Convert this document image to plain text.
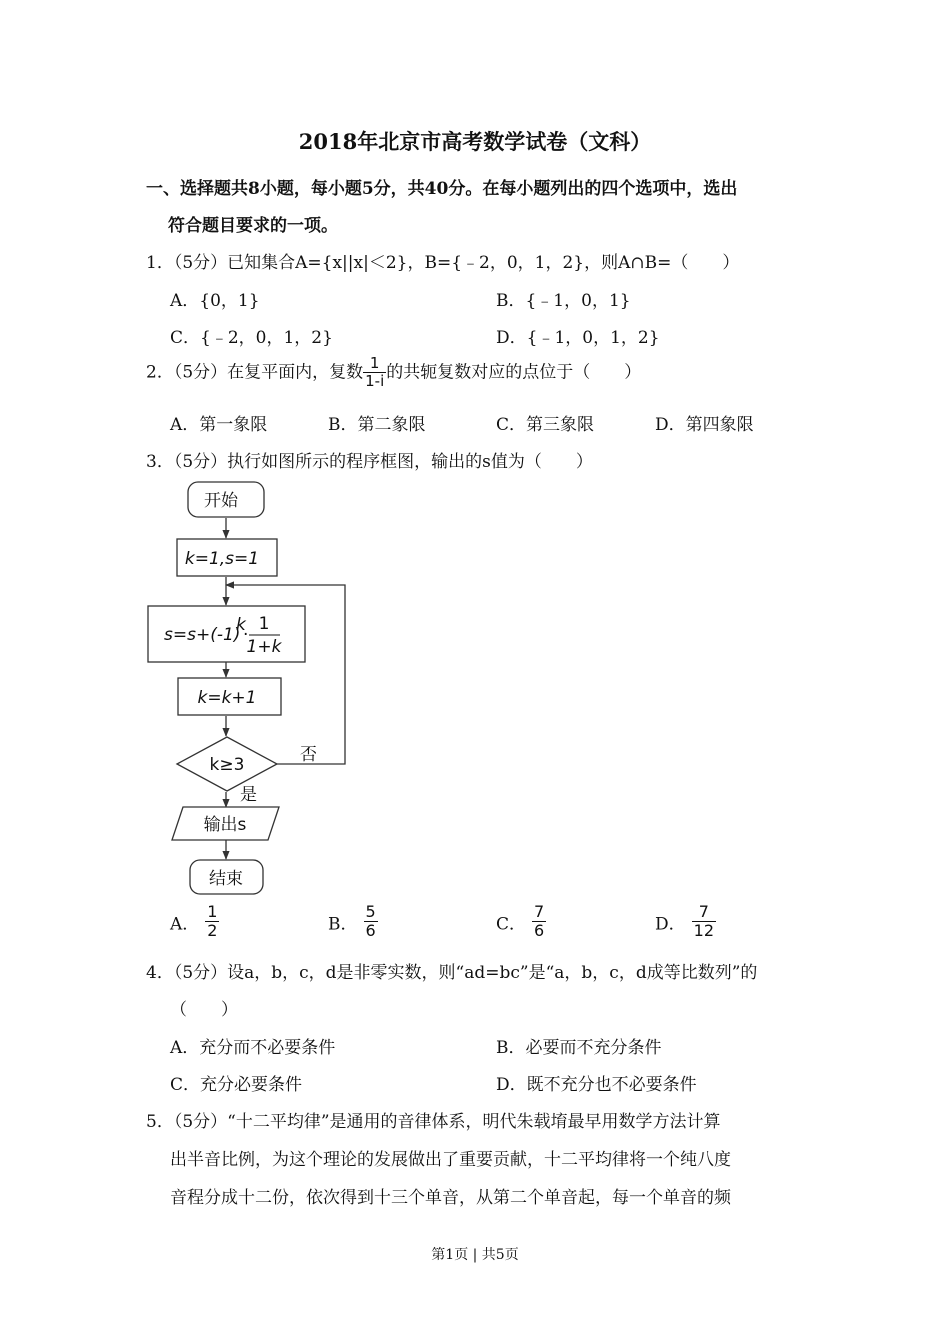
2018年北京市高考数学试卷（文科）
一、选择题共8小题，每小题5分，共40分。在每小题列出的四个选项中，选出
符合题目要求的一项。
1．（5分）已知集合A={x||x|＜2}，B={﹣2，0，1，2}，则A∩B=（　　）
A．{0，1}	B．{﹣1，0，1}
C．{﹣2，0，1，2}	D．{﹣1，0，1，2}
2．（5分）在复平面内，复数 $\frac{1}{1-i}$ 的共轭复数对应的点位于（　　）
A．第一象限	B．第二象限	C．第三象限	D．第四象限
3．（5分）执行如图所示的程序框图，输出的s值为（　　）
开始
k=1,s=1
s=s+(-1)
k
·
1
1+k
k=k+1
k≥3	否
是
输出s
结束
A． $\frac{1}{2}$	B． $\frac{5}{6}$	C． $\frac{7}{6}$	D． $\frac{7}{12}$
4．（5分）设a，b，c，d是非零实数，则“ad=bc”是“a，b，c，d成等比数列”的
（　　）
A．充分而不必要条件	B．必要而不充分条件
C．充分必要条件	D．既不充分也不必要条件
5．（5分）“十二平均律”是通用的音律体系，明代朱载堉最早用数学方法计算
出半音比例，为这个理论的发展做出了重要贡献，十二平均律将一个纯八度
音程分成十二份，依次得到十三个单音，从第二个单音起，每一个单音的频
第1页 | 共5页
